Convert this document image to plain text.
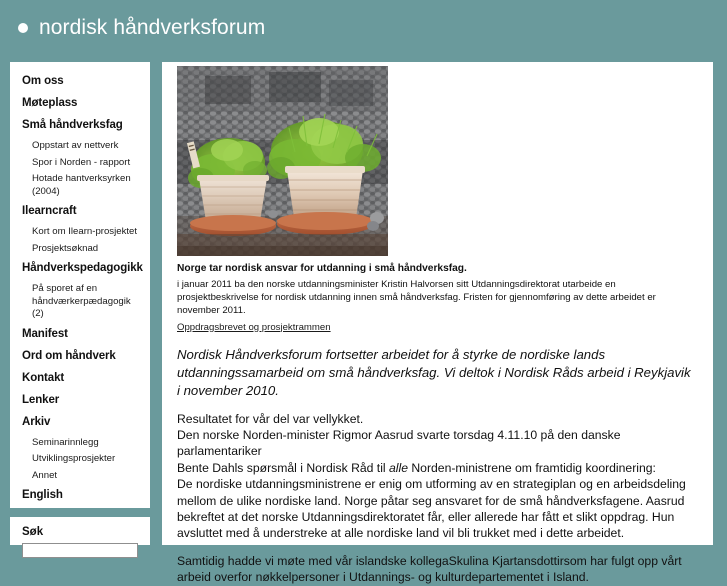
nordisk håndverksforum
Om oss
Møteplass
Små håndverksfag
Oppstart av nettverk
Spor i Norden - rapport
Hotade hantverksyrken (2004)
Ilearncraft
Kort om Ilearn-prosjektet
Prosjektsøknad
Håndverkspedagogikk
På sporet af en håndværkerpædagogik (2)
Manifest
Ord om håndverk
Kontakt
Lenker
Arkiv
Seminarinnlegg
Utviklingsprosjekter
Annet
English
Søk
Norge tar nordisk ansvar for utdanning i små håndverksfag.
i januar 2011 ba den norske utdanningsminister Kristin Halvorsen sitt Utdanningsdirektorat utarbeide en prosjektbeskrivelse for nordisk utdanning innen små håndverksfag. Fristen for gjennomføring av dette arbeidet er november 2011.
Oppdragsbrevet og prosjektrammen
Nordisk Håndverksforum fortsetter arbeidet for å styrke de nordiske lands utdanningssamarbeid om små håndverksfag. Vi deltok i Nordisk Råds arbeid i Reykjavik i november 2010.
Resultatet for vår del var vellykket.
Den norske Norden-minister Rigmor Aasrud svarte torsdag 4.11.10 på den danske parlamentariker
Bente Dahls spørsmål i Nordisk Råd til alle Norden-ministrene om framtidig koordinering:
De nordiske utdanningsministrene er enig om utforming av en strategiplan og en arbeidsdeling
mellom de ulike nordiske land. Norge påtar seg ansvaret for de små håndverksfagene. Aasrud
bekreftet at det norske Utdanningsdirektoratet får, eller allerede har fått et slikt oppdrag. Hun
avsluttet med å understreke at alle nordiske land vil bli trukket med i dette arbeidet.
Samtidig hadde vi møte med vår islandske kollegaSkulina Kjartansdottirsom har fulgt opp vårt arbeid overfor nøkkelpersoner i Utdannings- og kulturdepartementet i Island.
